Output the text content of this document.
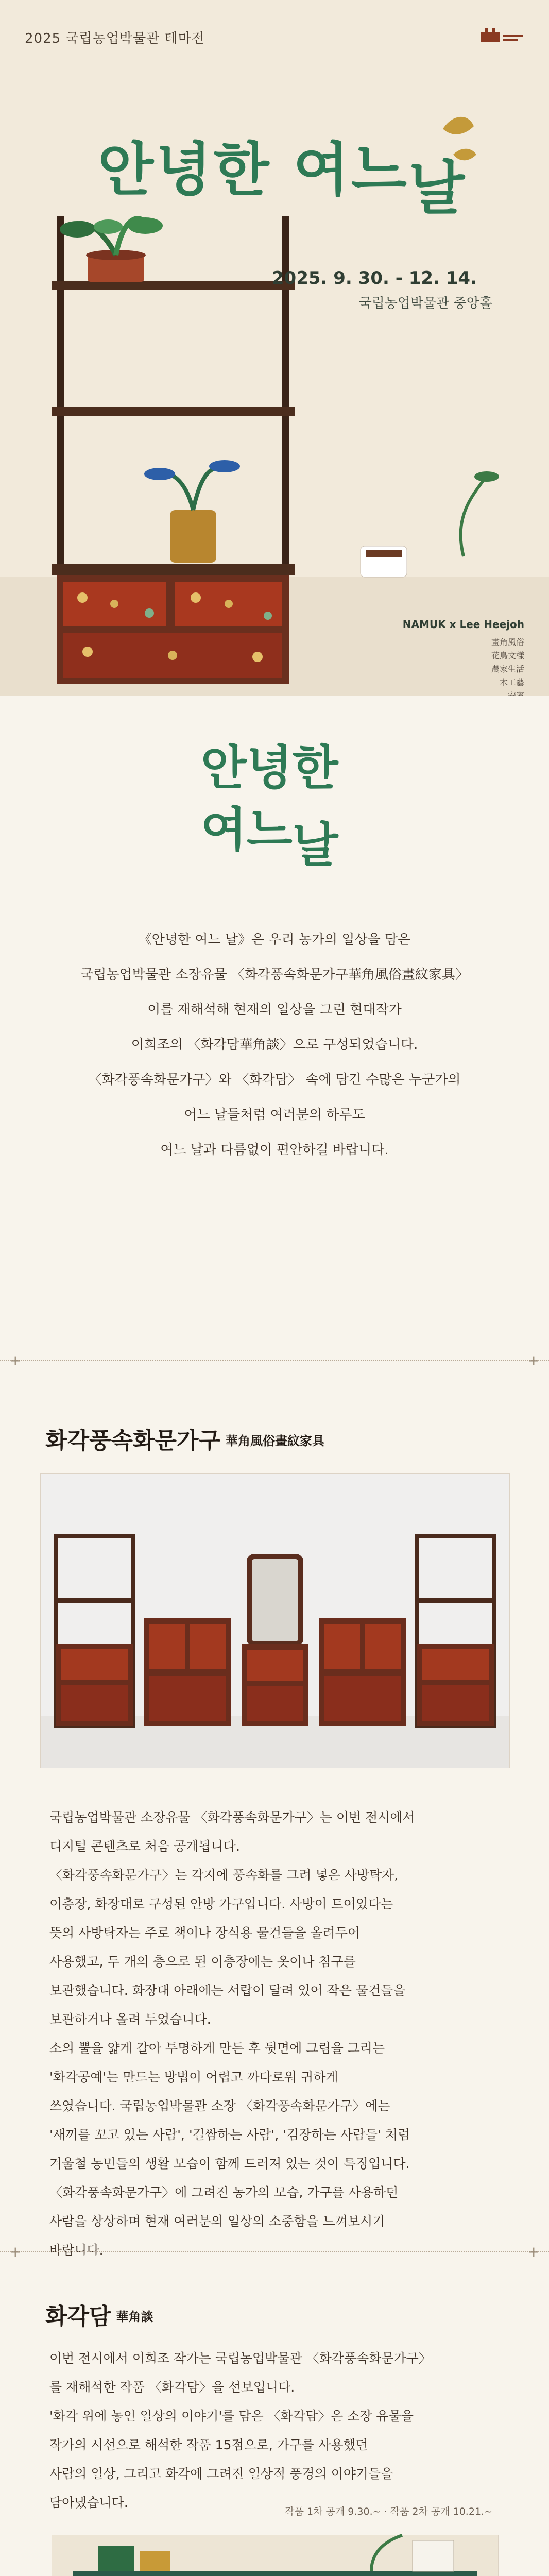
2025 국립농업박물관 테마전
안녕한 여느날
2025. 9. 30. - 12. 14.
국립농업박물관 중앙홀
NAMUK x Lee Heejoh
畫角風俗
花鳥文樣
農家生活
木工藝
안녕한
여느날
《안녕한 여느 날》은 우리 농가의 일상을 담은
국립농업박물관 소장유물 〈화각풍속화문가구華角風俗畫紋家具〉
이를 재해석해 현재의 일상을 그린 현대작가
이희조의 〈화각담華角談〉으로 구성되었습니다.
〈화각풍속화문가구〉와 〈화각담〉 속에 담긴 수많은 누군가의
어느 날들처럼 여러분의 하루도
여느 날과 다름없이 편안하길 바랍니다.
+	+
화각풍속화문가구 華角風俗畫紋家具
국립농업박물관 소장유물 〈화각풍속화문가구〉는 이번 전시에서
디지털 콘텐츠로 처음 공개됩니다.
〈화각풍속화문가구〉는 각지에 풍속화를 그려 넣은 사방탁자,
이층장, 화장대로 구성된 안방 가구입니다. 사방이 트여있다는
뜻의 사방탁자는 주로 책이나 장식용 물건들을 올려두어
사용했고, 두 개의 층으로 된 이층장에는 옷이나 침구를
보관했습니다. 화장대 아래에는 서랍이 달려 있어 작은 물건들을
보관하거나 올려 두었습니다.
소의 뿔을 얇게 갈아 투명하게 만든 후 뒷면에 그림을 그리는
'화각공예'는 만드는 방법이 어렵고 까다로워 귀하게
쓰였습니다. 국립농업박물관 소장 〈화각풍속화문가구〉에는
'새끼를 꼬고 있는 사람', '길쌈하는 사람', '김장하는 사람들' 처럼
겨울철 농민들의 생활 모습이 함께 드러져 있는 것이 특징입니다.
〈화각풍속화문가구〉에 그려진 농가의 모습, 가구를 사용하던
사람을 상상하며 현재 여러분의 일상의 소중함을 느껴보시기
바랍니다.
+	+
화각담 華角談
이번 전시에서 이희조 작가는 국립농업박물관 〈화각풍속화문가구〉
를 재해석한 작품 〈화각담〉을 선보입니다.
'화각 위에 놓인 일상의 이야기'를 담은 〈화각담〉은 소장 유물을
작가의 시선으로 해석한 작품 15점으로, 가구를 사용했던
사람의 일상, 그리고 화각에 그려진 일상적 풍경의 이야기들을
담아냈습니다.
작품 1차 공개 9.30.~ · 작품 2차 공개 10.21.~
